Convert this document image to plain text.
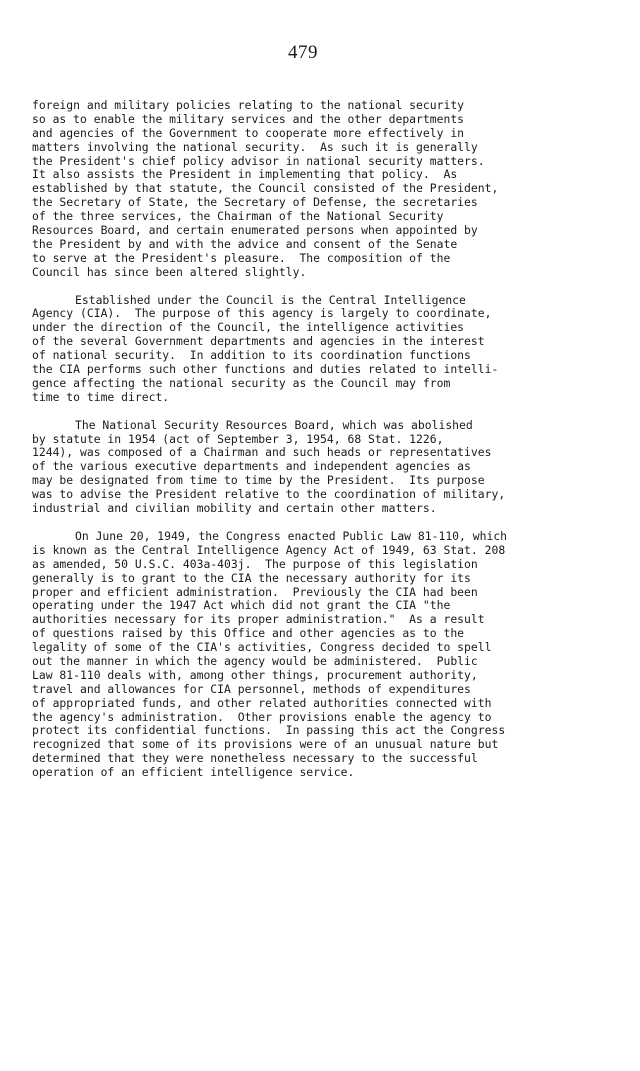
479
foreign and military policies relating to the national security
so as to enable the military services and the other departments
and agencies of the Government to cooperate more effectively in
matters involving the national security.  As such it is generally
the President's chief policy advisor in national security matters.
It also assists the President in implementing that policy.  As
established by that statute, the Council consisted of the President,
the Secretary of State, the Secretary of Defense, the secretaries
of the three services, the Chairman of the National Security
Resources Board, and certain enumerated persons when appointed by
the President by and with the advice and consent of the Senate
to serve at the President's pleasure.  The composition of the
Council has since been altered slightly.
Established under the Council is the Central Intelligence
Agency (CIA).  The purpose of this agency is largely to coordinate,
under the direction of the Council, the intelligence activities
of the several Government departments and agencies in the interest
of national security.  In addition to its coordination functions
the CIA performs such other functions and duties related to intelli-
gence affecting the national security as the Council may from
time to time direct.
The National Security Resources Board, which was abolished
by statute in 1954 (act of September 3, 1954, 68 Stat. 1226,
1244), was composed of a Chairman and such heads or representatives
of the various executive departments and independent agencies as
may be designated from time to time by the President.  Its purpose
was to advise the President relative to the coordination of military,
industrial and civilian mobility and certain other matters.
On June 20, 1949, the Congress enacted Public Law 81-110, which
is known as the Central Intelligence Agency Act of 1949, 63 Stat. 208
as amended, 50 U.S.C. 403a-403j.  The purpose of this legislation
generally is to grant to the CIA the necessary authority for its
proper and efficient administration.  Previously the CIA had been
operating under the 1947 Act which did not grant the CIA "the
authorities necessary for its proper administration."  As a result
of questions raised by this Office and other agencies as to the
legality of some of the CIA's activities, Congress decided to spell
out the manner in which the agency would be administered.  Public
Law 81-110 deals with, among other things, procurement authority,
travel and allowances for CIA personnel, methods of expenditures
of appropriated funds, and other related authorities connected with
the agency's administration.  Other provisions enable the agency to
protect its confidential functions.  In passing this act the Congress
recognized that some of its provisions were of an unusual nature but
determined that they were nonetheless necessary to the successful
operation of an efficient intelligence service.
